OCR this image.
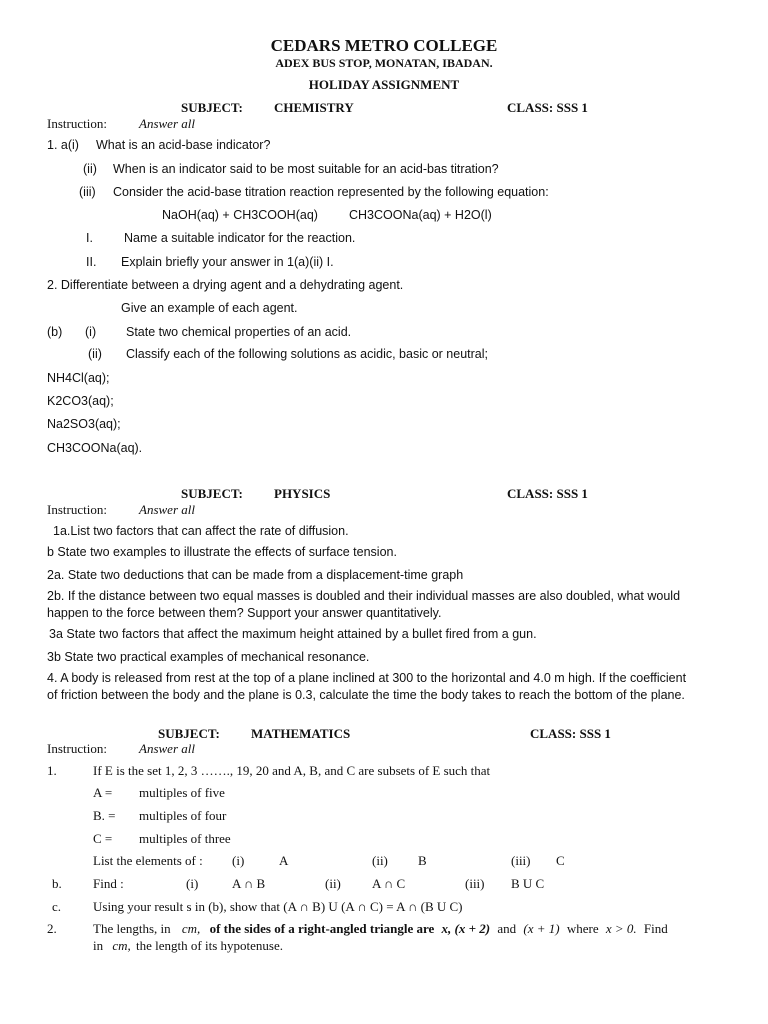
CEDARS METRO COLLEGE
ADEX BUS STOP, MONATAN, IBADAN.
HOLIDAY ASSIGNMENT
SUBJECT: CHEMISTRY	CLASS: SSS 1
Instruction: Answer all
1. a(i) What is an acid-base indicator?
(ii) When is an indicator said to be most suitable for an acid-bas titration?
(iii) Consider the acid-base titration reaction represented by the following equation:
NaOH(aq) + CH3COOH(aq) CH3COONa(aq) + H2O(l)
I. Name a suitable indicator for the reaction.
II. Explain briefly your answer in 1(a)(ii) I.
2. Differentiate between a drying agent and a dehydrating agent.
Give an example of each agent.
(b) (i) State two chemical properties of an acid.
(ii) Classify each of the following solutions as acidic, basic or neutral;
NH4Cl(aq);
K2CO3(aq);
Na2SO3(aq);
CH3COONa(aq).
SUBJECT: PHYSICS	CLASS: SSS 1
Instruction: Answer all
1a.List two factors that can affect the rate of diffusion.
b State two examples to illustrate the effects of surface tension.
2a. State two deductions that can be made from a displacement-time graph
2b. If the distance between two equal masses is doubled and their individual masses are also doubled, what would
happen to the force between them? Support your answer quantitatively.
3a State two factors that affect the maximum height attained by a bullet fired from a gun.
3b State two practical examples of mechanical resonance.
4. A body is released from rest at the top of a plane inclined at 300 to the horizontal and 4.0 m high. If the coefficient
of friction between the body and the plane is 0.3, calculate the time the body takes to reach the bottom of the plane.
SUBJECT: MATHEMATICS	CLASS: SSS 1
Instruction: Answer all
1.	If E is the set 1, 2, 3 ……., 19, 20 and A, B, and C are subsets of E such that
A = multiples of five
B. = multiples of four
C = multiples of three
List the elements of : (i)	A	(ii) B	(iii) C
b. Find :	(i)	A ∩ B	(ii) A ∩ C	(iii) B U C
c. Using your result s in (b), show that (A ∩ B) U (A ∩ C) = A ∩ (B U C)
2.	The lengths, in cm, of the sides of a right-angled triangle are x, (x + 2) and (x + 1) where x > 0. Find
in cm, the length of its hypotenuse.
